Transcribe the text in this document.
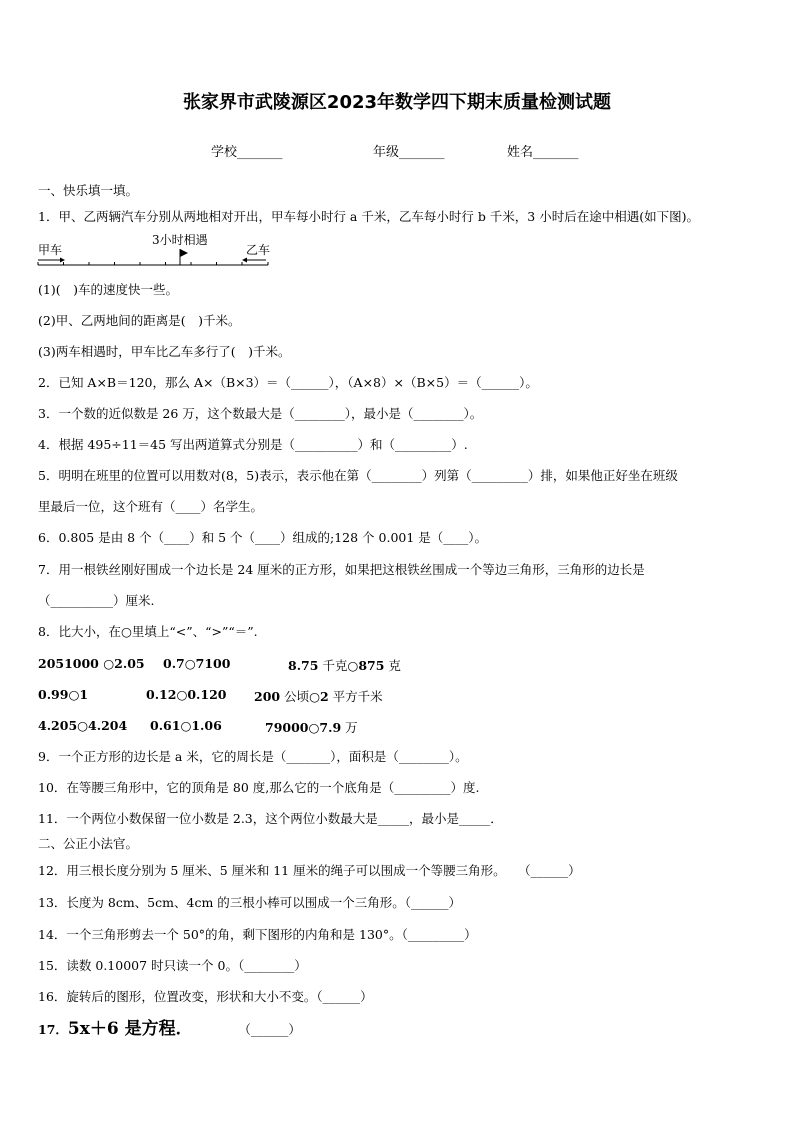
张家界市武陵源区2023年数学四下期末质量检测试题
学校_______	年级_______	姓名_______
一、快乐填一填。
1．甲、乙两辆汽车分别从两地相对开出，甲车每小时行 a 千米，乙车每小时行 b 千米，3 小时后在途中相遇(如下图)。
甲车
3小时相遇
乙车
(1)(　)车的速度快一些。
(2)甲、乙两地间的距离是(　)千米。
(3)两车相遇时，甲车比乙车多行了(　)千米。
2．已知 A×B＝120，那么 A×（B×3）＝（______），（A×8）×（B×5）＝（______）。
3．一个数的近似数是 26 万，这个数最大是（________），最小是（________）。
4．根据 495÷11＝45 写出两道算式分别是（__________）和（_________）.
5．明明在班里的位置可以用数对(8，5)表示，表示他在第（________）列第（_________）排，如果他正好坐在班级
里最后一位，这个班有（____）名学生。
6．0.805 是由 8 个（____）和 5 个（____）组成的;128 个 0.001 是（____）。
7．用一根铁丝刚好围成一个边长是 24 厘米的正方形，如果把这根铁丝围成一个等边三角形，三角形的边长是
（__________）厘米.
8．比大小，在○里填上“<”、“>”“＝”.
2051000 ○2.05 0.7○7100	8.75 千克○875 克
0.99○1	0.12○0.120 200 公顷○2 平方千米
4.205○4.204 0.61○1.06	79000○7.9 万
9．一个正方形的边长是 a 米，它的周长是（_______），面积是（________）。
10．在等腰三角形中，它的顶角是 80 度,那么它的一个底角是（_________）度.
11．一个两位小数保留一位小数是 2.3，这个两位小数最大是_____，最小是_____．
二、公正小法官。
12．用三根长度分别为 5 厘米、5 厘米和 11 厘米的绳子可以围成一个等腰三角形。　　（______）
13．长度为 8cm、5cm、4cm 的三根小棒可以围成一个三角形。（______）
14．一个三角形剪去一个 50°的角，剩下图形的内角和是 130°。（_________）
15．读数 0.10007 时只读一个 0。（________）
16．旋转后的图形，位置改变，形状和大小不变。（______）
17．5x＋6 是方程．	（______）
